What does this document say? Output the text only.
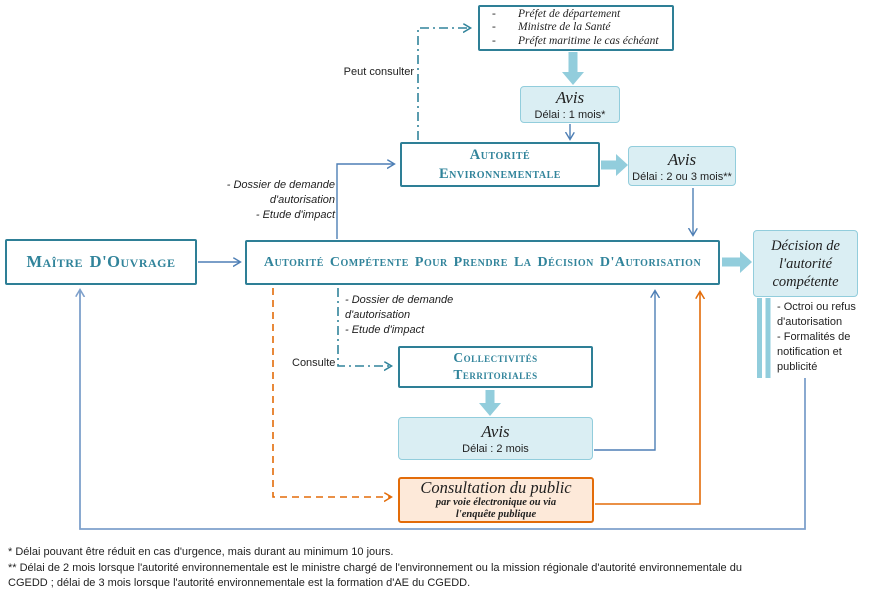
-	Préfet de département
-	Ministre de la Santé
-	Préfet maritime le cas échéant
Avis
Délai : 1 mois*
Autorité
Environnementale
Avis
Délai : 2 ou 3 mois**
Maître D'Ouvrage	Autorité Compétente Pour Prendre La Décision D'Autorisation
Décision de
l'autorité
compétente
Collectivités
Territoriales
Avis
Délai : 2 mois
Consultation du public
par voie électronique ou via
l'enquête publique
Peut consulter
- Dossier de demande
d'autorisation
- Etude d'impact
- Dossier de demande
d'autorisation
- Etude d'impact
Consulte
- Octroi ou refus
d'autorisation
- Formalités de
notification et
publicité
* Délai pouvant être réduit en cas d'urgence, mais durant au minimum 10 jours.
** Délai de 2 mois lorsque l'autorité environnementale est le ministre chargé de l'environnement ou la mission régionale d'autorité environnementale du
CGEDD ; délai de 3 mois lorsque l'autorité environnementale est la formation d'AE du CGEDD.
